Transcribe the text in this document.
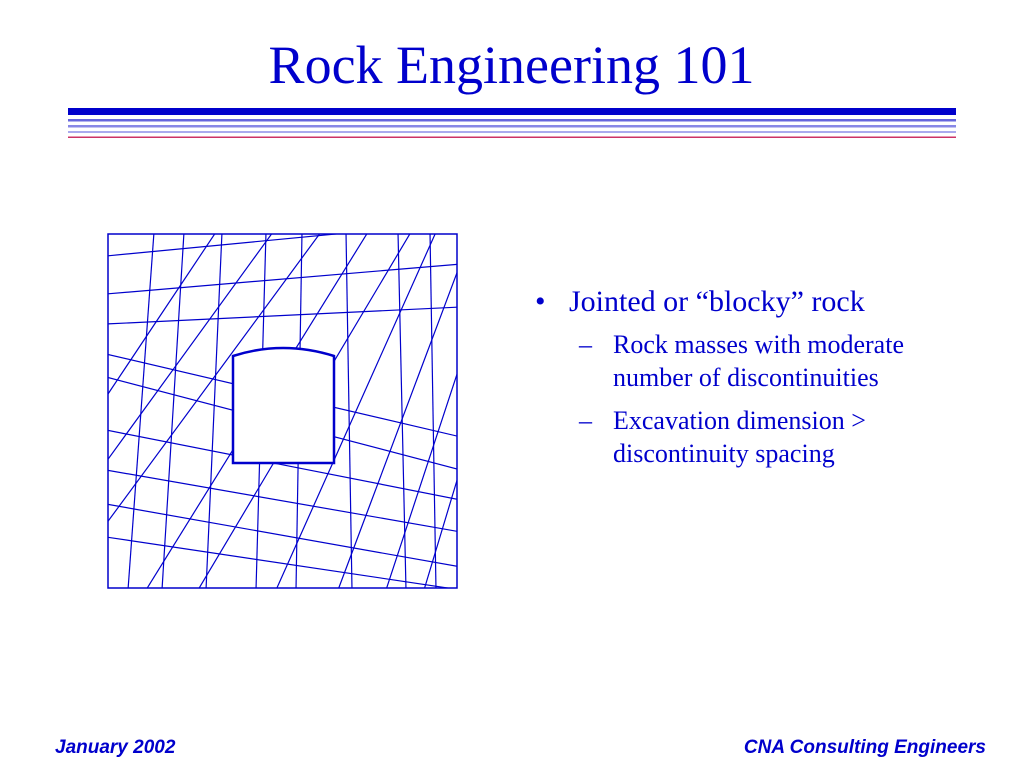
Rock Engineering 101
• Jointed or “blocky” rock
– Rock masses with moderate number of discontinuities
– Excavation dimension > discontinuity spacing
January 2002	CNA Consulting Engineers
